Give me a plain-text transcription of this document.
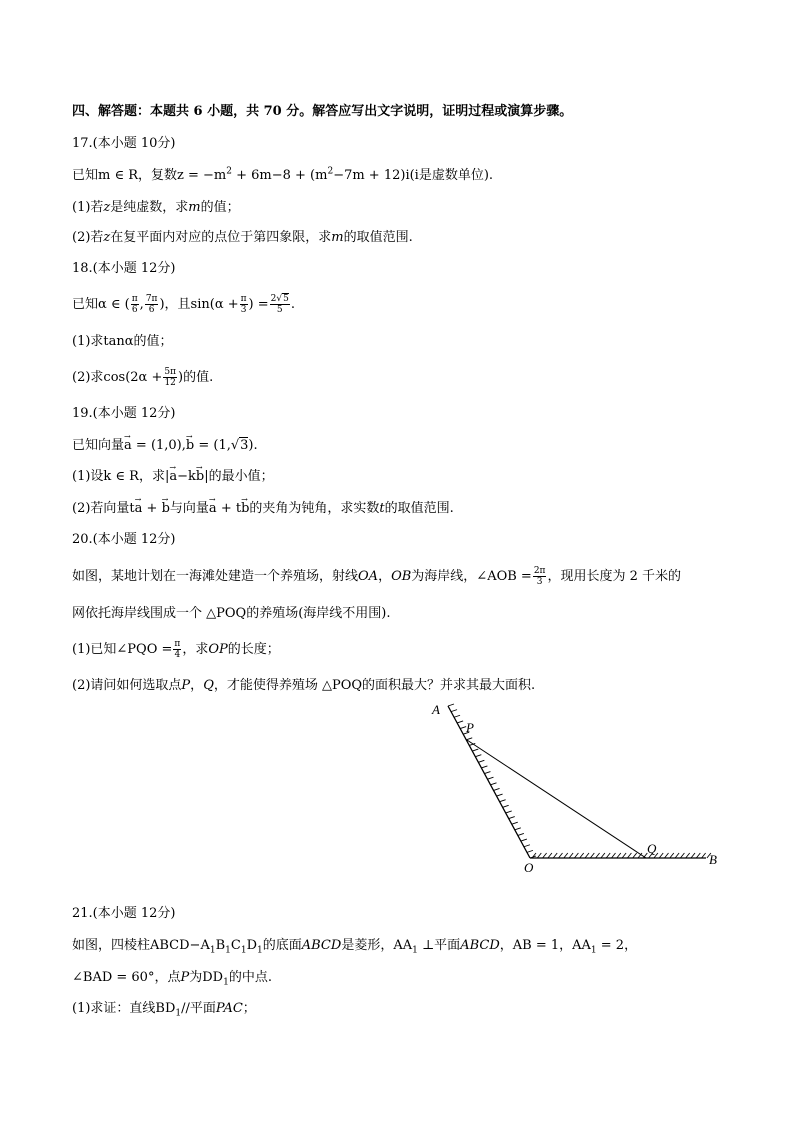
四、解答题：本题共 6 小题，共 70 分。解答应写出文字说明，证明过程或演算步骤。
17.(本小题 10分)
已知m ∈ R，复数$z = -m^2 + 6m-8 + (m^2-7m + 12)i(i$是虚数单位).
(1)若z是纯虚数，求m的值；
(2)若z在复平面内对应的点位于第四象限，求m的取值范围.
18.(本小题 12分)
已知α ∈ ( $\frac{\pi}{6}$ , $\frac{7\pi}{6}$ )，且$\sin(\alpha + \frac{\pi}{3}$ ) = $\frac{2√5}{5}$ .
(1)求tanα的值；
(2)求$\cos(2\alpha + \frac{5\pi}{12}$ )的值.
19.(本小题 12分)
已知向量→ a = (1,0),→ b = (1,√3).
(1)设k ∈ R，求|→ a−k→ b|的最小值；
(2)若向量t→ a + → b与向量→ a + t→ b的夹角为钝角，求实数t的取值范围.
20.(本小题 12分)
如图，某地计划在一海滩处建造一个养殖场，射线OA，OB为海岸线，∠AOB = $\frac{2\pi}{3}$ ，现用长度为 2 千米的
网依托海岸线围成一个 △POQ的养殖场(海岸线不用围).
(1)已知∠PQO = $\frac{\pi}{4}$ ，求OP的长度；
(2)请问如何选取点P，Q，才能使得养殖场 △POQ的面积最大？并求其最大面积.
A
P
O
Q
B
21.(本小题 12分)
如图，四棱柱$ABCD-A_1B_1C_1D_1$的底面ABCD是菱形，$AA_1$ ⊥平面ABCD，AB = 1，$AA_1 = 2$，
∠BAD = 60°，点P为$DD_1$的中点.
(1)求证：直线$BD_1//$平面PAC；
